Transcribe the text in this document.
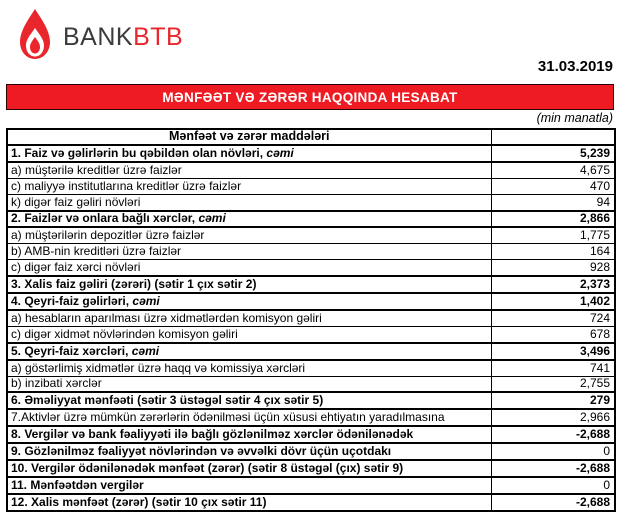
BANKBTB
31.03.2019
MƏNFƏƏT VƏ ZƏRƏR HAQQINDA HESABAT
(min manatla)
Mənfəət və zərər maddələri	
1. Faiz və gəlirlərin bu qəbildən olan növləri, cəmi	5,239
a) müştərilə kreditlər üzrə faizlər	4,675
c) maliyyə institutlarına kreditlər üzrə faizlər	470
k) digər faiz gəliri növləri	94
2. Faizlər və onlara bağlı xərclər, cəmi	2,866
a) müştərilərin depozitlər üzrə faizlər	1,775
b) AMB-nin kreditləri üzrə faizlər	164
c) digər faiz xərci növləri	928
3. Xalis faiz gəliri (zərəri) (sətir 1 çıx sətir 2)	2,373
4. Qeyri-faiz gəlirləri, cəmi	1,402
a) hesabların aparılması üzrə xidmətlərdən komisyon gəliri	724
c) digər xidmət növlərindən komisyon gəliri	678
5. Qeyri-faiz xərcləri, cəmi	3,496
a) göstərlimiş xidmətlər üzrə haqq və komissiya xərcləri	741
b) inzibati xərclər	2,755
6. Əməliyyat mənfəəti (sətir 3 üstəgəl sətir 4 çıx sətir 5)	279
7.Aktivlər üzrə mümkün zərərlərin ödənilməsi üçün xüsusi ehtiyatın yaradılmasına	2,966
8. Vergilər və bank fəaliyyəti ilə bağlı gözlənilməz xərclər ödənilənədək	-2,688
9. Gözlənilməz fəaliyyət növlərindən və əvvəlki dövr üçün uçotdakı	0
10. Vergilər ödənilənədək mənfəət (zərər) (sətir 8 üstəgəl (çıx) sətir 9)	-2,688
11. Mənfəətdən vergilər	0
12. Xalis mənfəət (zərər) (sətir 10 çıx sətir 11)	-2,688
